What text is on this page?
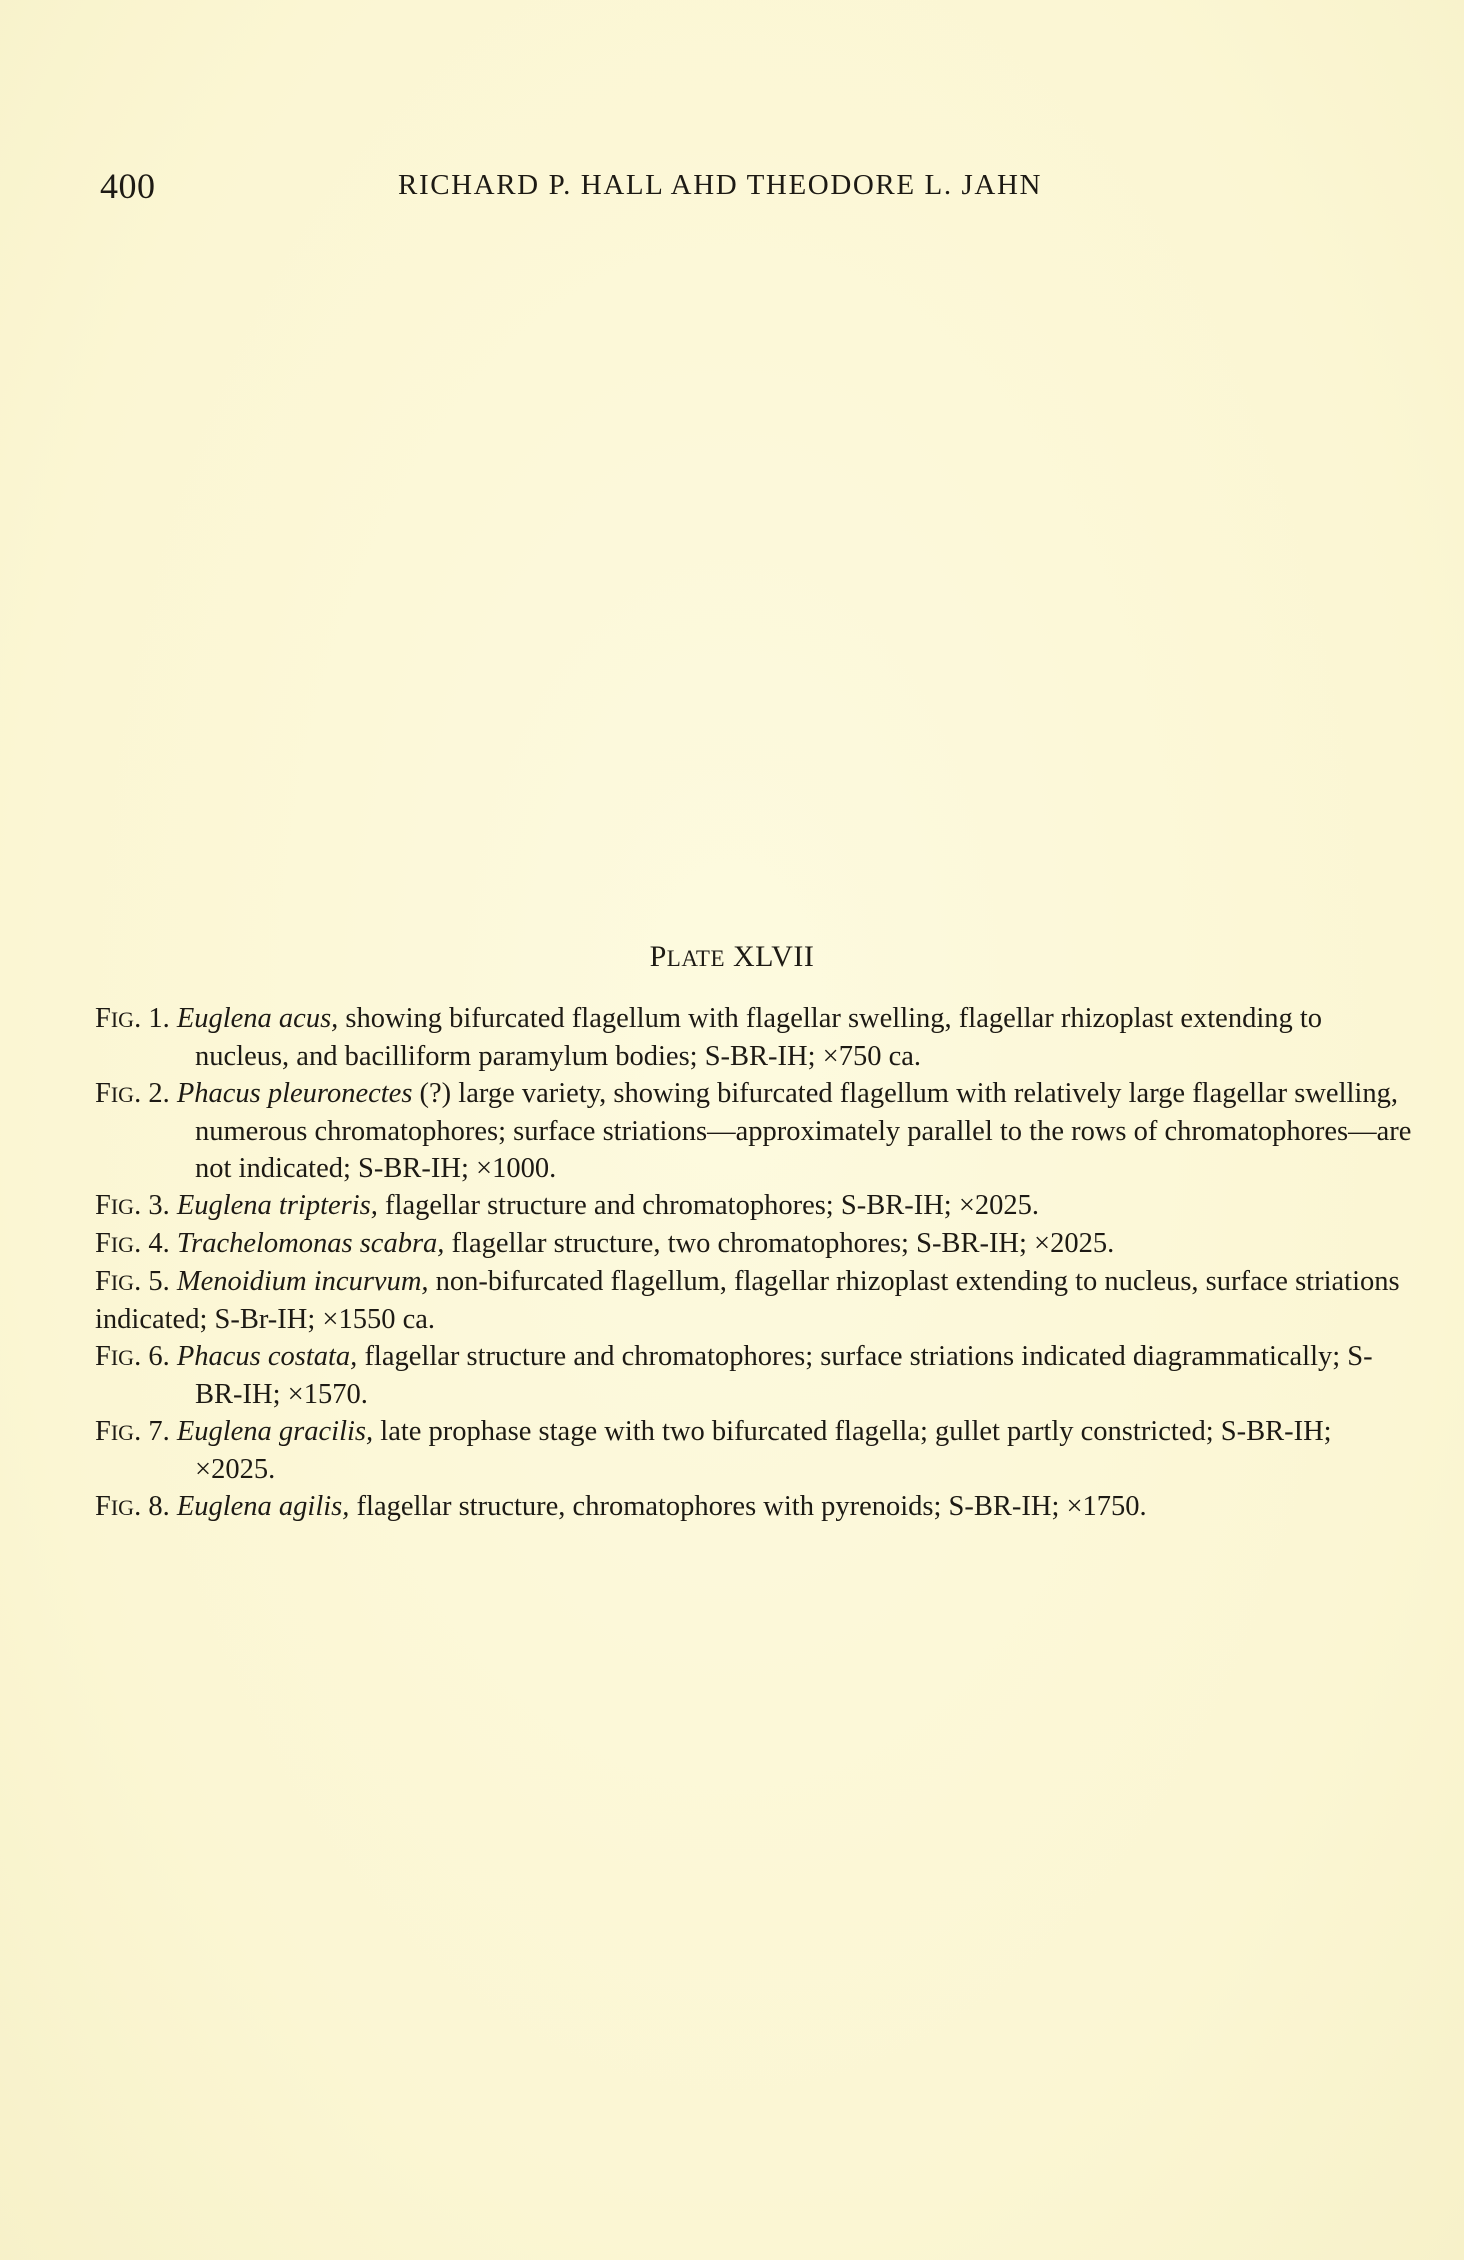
400	RICHARD P. HALL AHD THEODORE L. JAHN
PLATE XLVII

FIG. 1. Euglena acus, showing bifurcated flagellum with flagellar swelling, flagellar rhizoplast extending to nucleus, and bacilliform paramylum bodies; S-BR-IH; ×750 ca.

FIG. 2. Phacus pleuronectes (?) large variety, showing bifurcated flagellum with relatively large flagellar swelling, numerous chromatophores; surface striations—approximately parallel to the rows of chromatophores—are not indicated; S-BR-IH; ×1000.

FIG. 3. Euglena tripteris, flagellar structure and chromatophores; S-BR-IH; ×2025.

FIG. 4. Trachelomonas scabra, flagellar structure, two chromatophores; S-BR-IH; ×2025.

FIG. 5. Menoidium incurvum, non-bifurcated flagellum, flagellar rhizoplast extending to nucleus, surface striations indicated; S-Br-IH; ×1550 ca.

FIG. 6. Phacus costata, flagellar structure and chromatophores; surface striations indicated diagrammatically; S-BR-IH; ×1570.

FIG. 7. Euglena gracilis, late prophase stage with two bifurcated flagella; gullet partly constricted; S-BR-IH; ×2025.

FIG. 8. Euglena agilis, flagellar structure, chromatophores with pyrenoids; S-BR-IH; ×1750.
